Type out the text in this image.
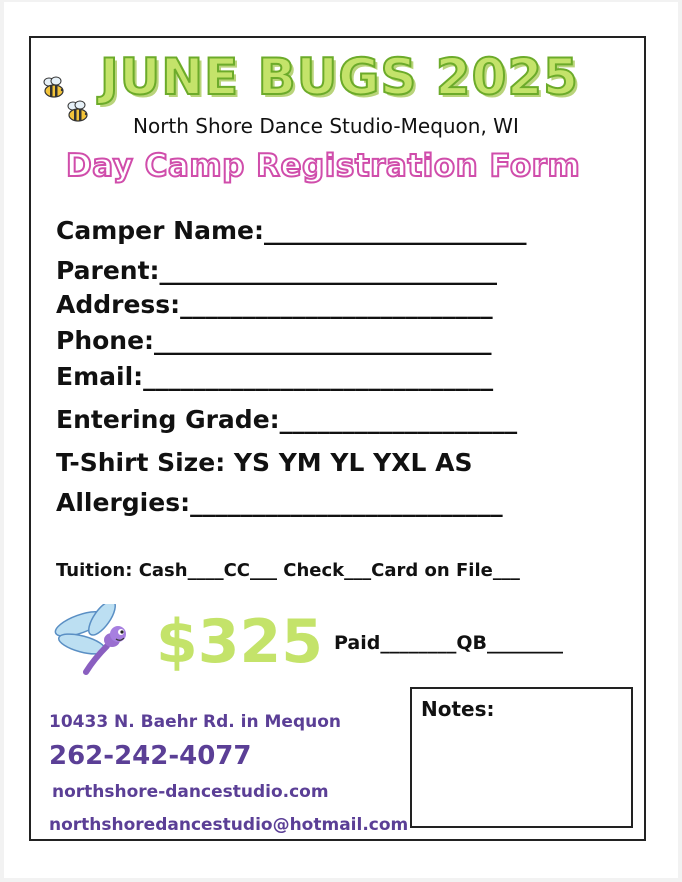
JUNE BUGS 2025
North Shore Dance Studio-Mequon, WI
Day Camp Registration Form
Camper Name:_____________________
Parent:___________________________
Address:_________________________
Phone:___________________________
Email:____________________________
Entering Grade:___________________
T-Shirt Size: YS YM YL YXL AS
Allergies:_________________________
Tuition: Cash____CC___ Check___Card on File___
$325 Paid________QB________
10433 N. Baehr Rd. in Mequon
262-242-4077
northshore-dancestudio.com
northshoredancestudio@hotmail.com
Notes:
